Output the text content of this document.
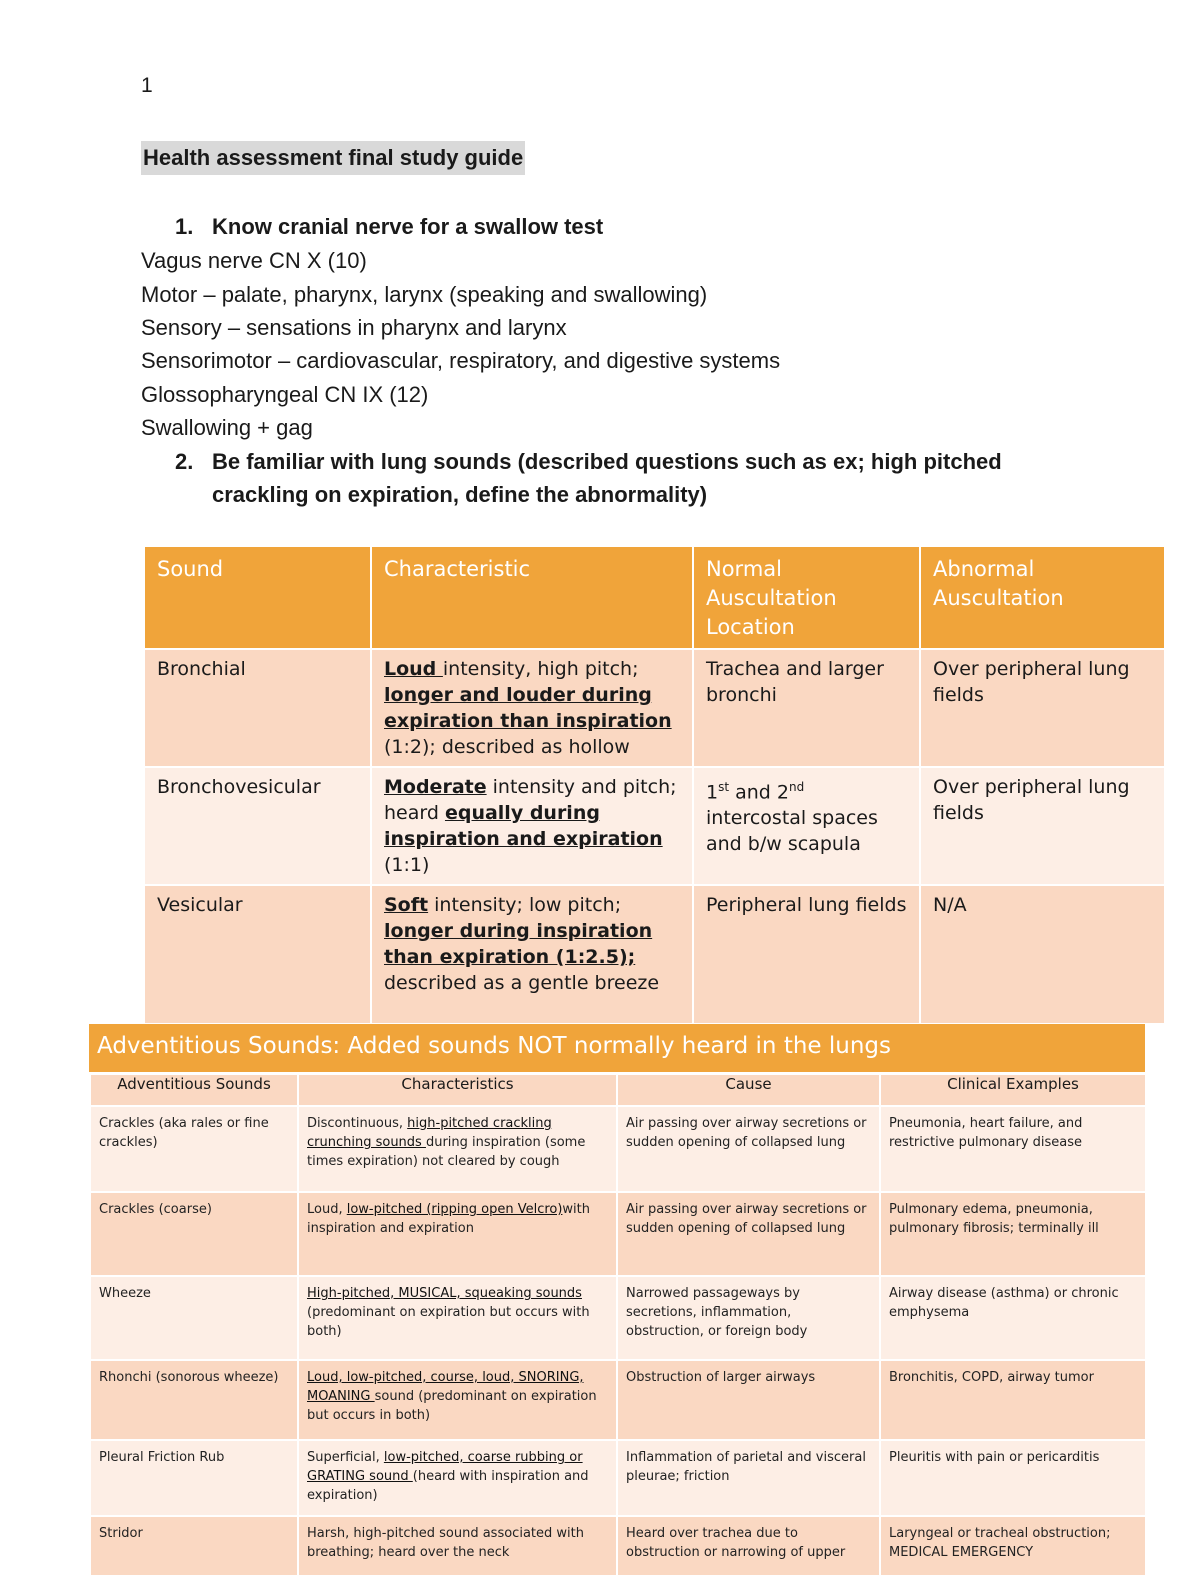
1
Health assessment final study guide
1. Know cranial nerve for a swallow test
Vagus nerve CN X (10)
Motor – palate, pharynx, larynx (speaking and swallowing)
Sensory – sensations in pharynx and larynx
Sensorimotor – cardiovascular, respiratory, and digestive systems
Glossopharyngeal CN IX (12)
Swallowing + gag
2. Be familiar with lung sounds (described questions such as ex; high pitched crackling on expiration, define the abnormality)
Sound	Characteristic	Normal Auscultation Location	Abnormal Auscultation
Bronchial	Loud intensity, high pitch; longer and louder during expiration than inspiration (1:2); described as hollow	Trachea and larger bronchi	Over peripheral lung fields
Bronchovesicular	Moderate intensity and pitch; heard equally during inspiration and expiration (1:1)	1st and 2nd intercostal spaces and b/w scapula	Over peripheral lung fields
Vesicular	Soft intensity; low pitch; longer during inspiration than expiration (1:2.5); described as a gentle breeze	Peripheral lung fields	N/A
Adventitious Sounds: Added sounds NOT normally heard in the lungs
Adventitious Sounds	Characteristics	Cause	Clinical Examples
Crackles (aka rales or fine crackles)	Discontinuous, high-pitched crackling crunching sounds during inspiration (some times expiration) not cleared by cough	Air passing over airway secretions or sudden opening of collapsed lung	Pneumonia, heart failure, and restrictive pulmonary disease
Crackles (coarse)	Loud, low-pitched (ripping open Velcro)with inspiration and expiration	Air passing over airway secretions or sudden opening of collapsed lung	Pulmonary edema, pneumonia, pulmonary fibrosis; terminally ill
Wheeze	High-pitched, MUSICAL, squeaking sounds (predominant on expiration but occurs with both)	Narrowed passageways by secretions, inflammation, obstruction, or foreign body	Airway disease (asthma) or chronic emphysema
Rhonchi (sonorous wheeze)	Loud, low-pitched, course, loud, SNORING, MOANING sound (predominant on expiration but occurs in both)	Obstruction of larger airways	Bronchitis, COPD, airway tumor
Pleural Friction Rub	Superficial, low-pitched, coarse rubbing or GRATING sound (heard with inspiration and expiration)	Inflammation of parietal and visceral pleurae; friction	Pleuritis with pain or pericarditis
Stridor	Harsh, high-pitched sound associated with breathing; heard over the neck	Heard over trachea due to obstruction or narrowing of upper	Laryngeal or tracheal obstruction; MEDICAL EMERGENCY
